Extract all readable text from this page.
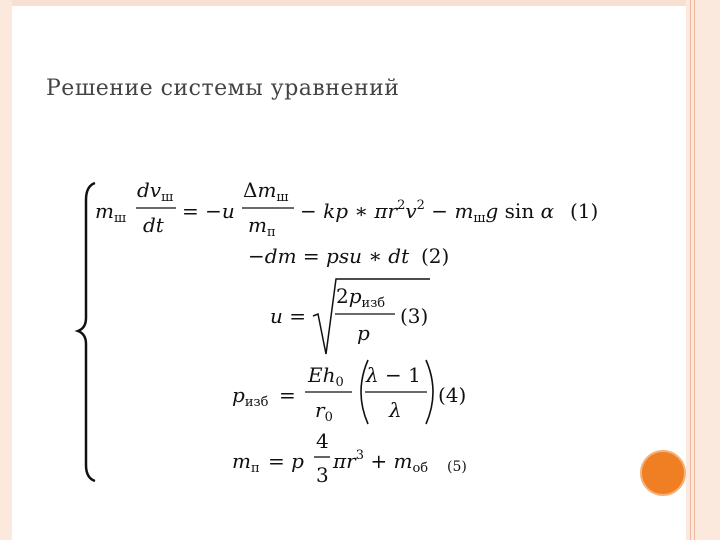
Решение системы уравнений
$m_ш$
$dv_ш$
dt
= −u
$\Delta m_ш$
$m_п$
− kp ∗ $\pi r^2v^2 - m_шg$ sin α (1)
−dm = psu ∗ dt (2)
u =
$2p_{изб}$
p
(3)
$p_{изб}$ =
$Eh_0$
$r_0$
λ − 1
λ
(4)
$m_п = p$
4
3
$\pi r^3 + m_{об}$ (5)
